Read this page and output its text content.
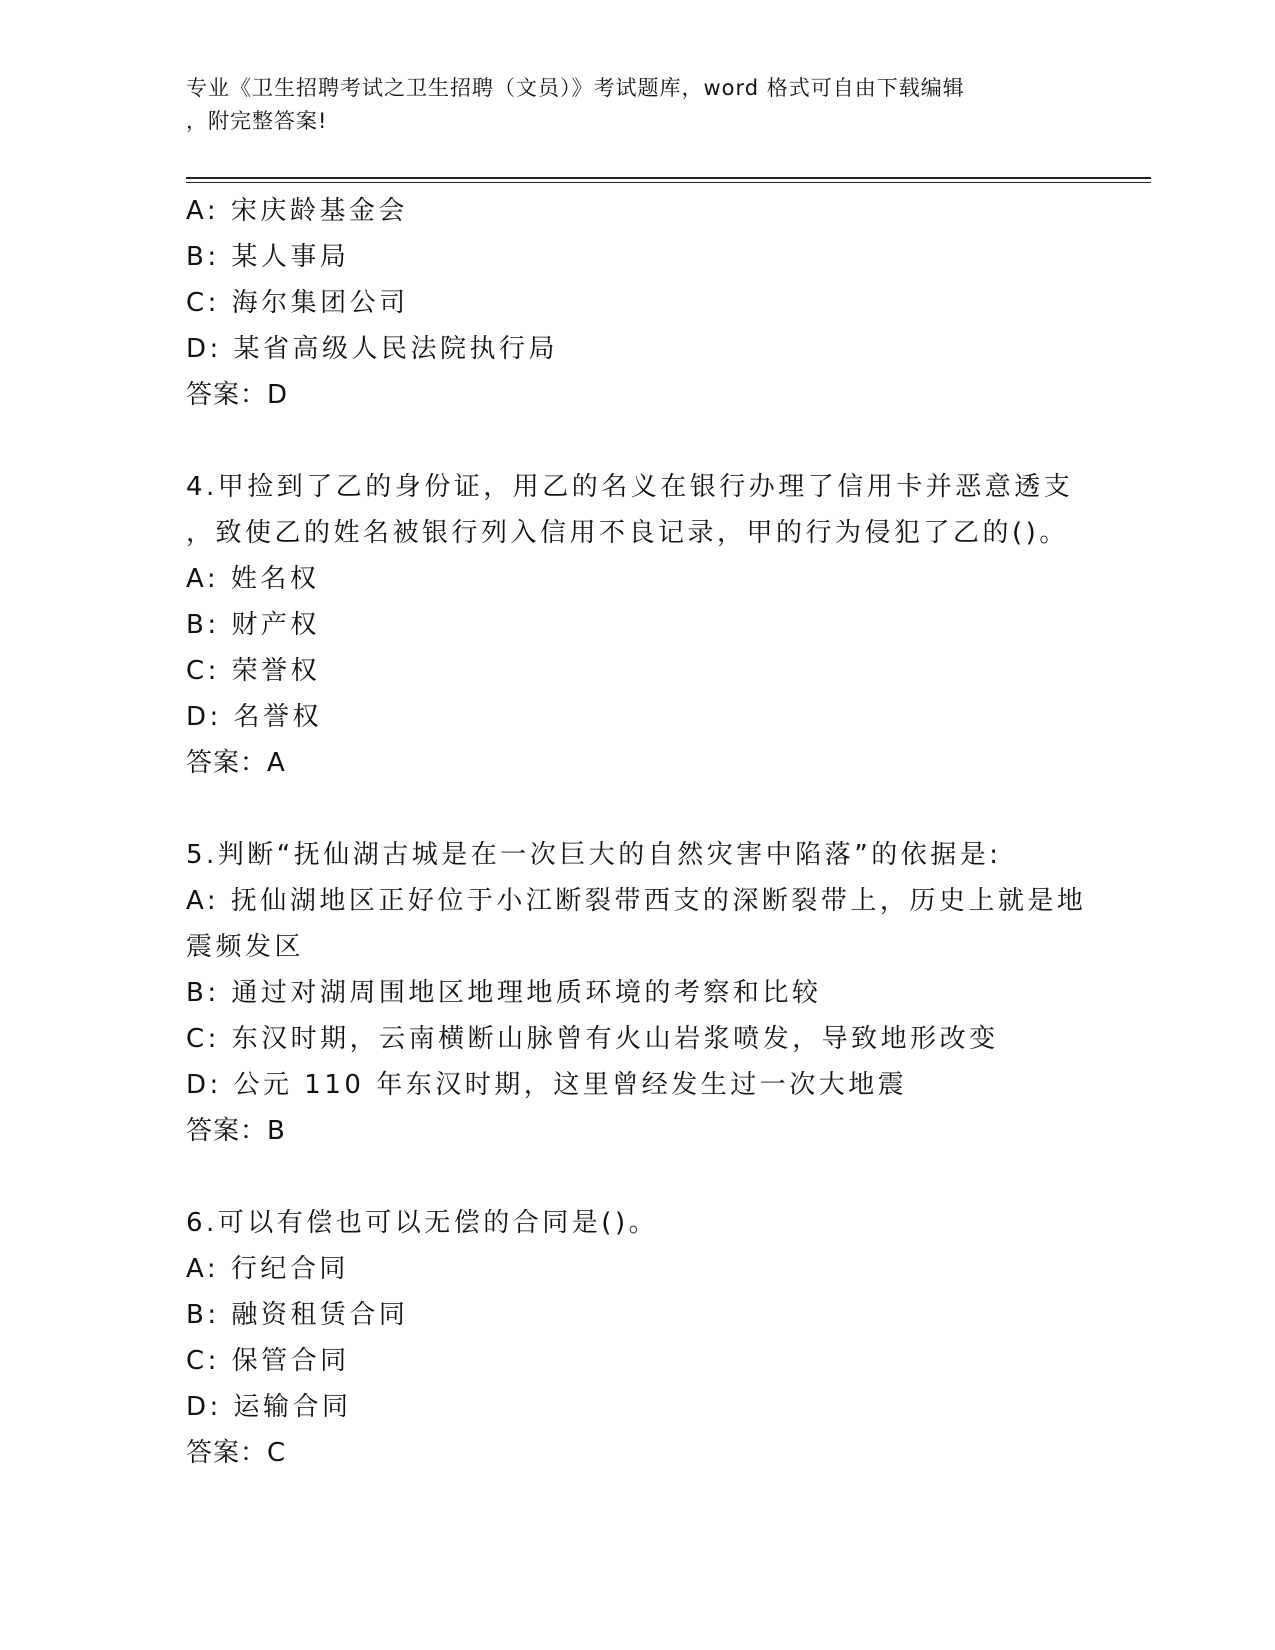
专业《卫生招聘考试之卫生招聘（文员）》考试题库，word 格式可自由下载编辑
，附完整答案!
A: 宋庆龄基金会
B: 某人事局
C: 海尔集团公司
D: 某省高级人民法院执行局
答案：D
4.甲捡到了乙的身份证，用乙的名义在银行办理了信用卡并恶意透支
，致使乙的姓名被银行列入信用不良记录，甲的行为侵犯了乙的()。
A: 姓名权
B: 财产权
C: 荣誉权
D: 名誉权
答案：A
5.判断“抚仙湖古城是在一次巨大的自然灾害中陷落”的依据是:
A: 抚仙湖地区正好位于小江断裂带西支的深断裂带上，历史上就是地
震频发区
B: 通过对湖周围地区地理地质环境的考察和比较
C: 东汉时期，云南横断山脉曾有火山岩浆喷发，导致地形改变
D: 公元 110 年东汉时期，这里曾经发生过一次大地震
答案：B
6.可以有偿也可以无偿的合同是()。
A: 行纪合同
B: 融资租赁合同
C: 保管合同
D: 运输合同
答案：C
